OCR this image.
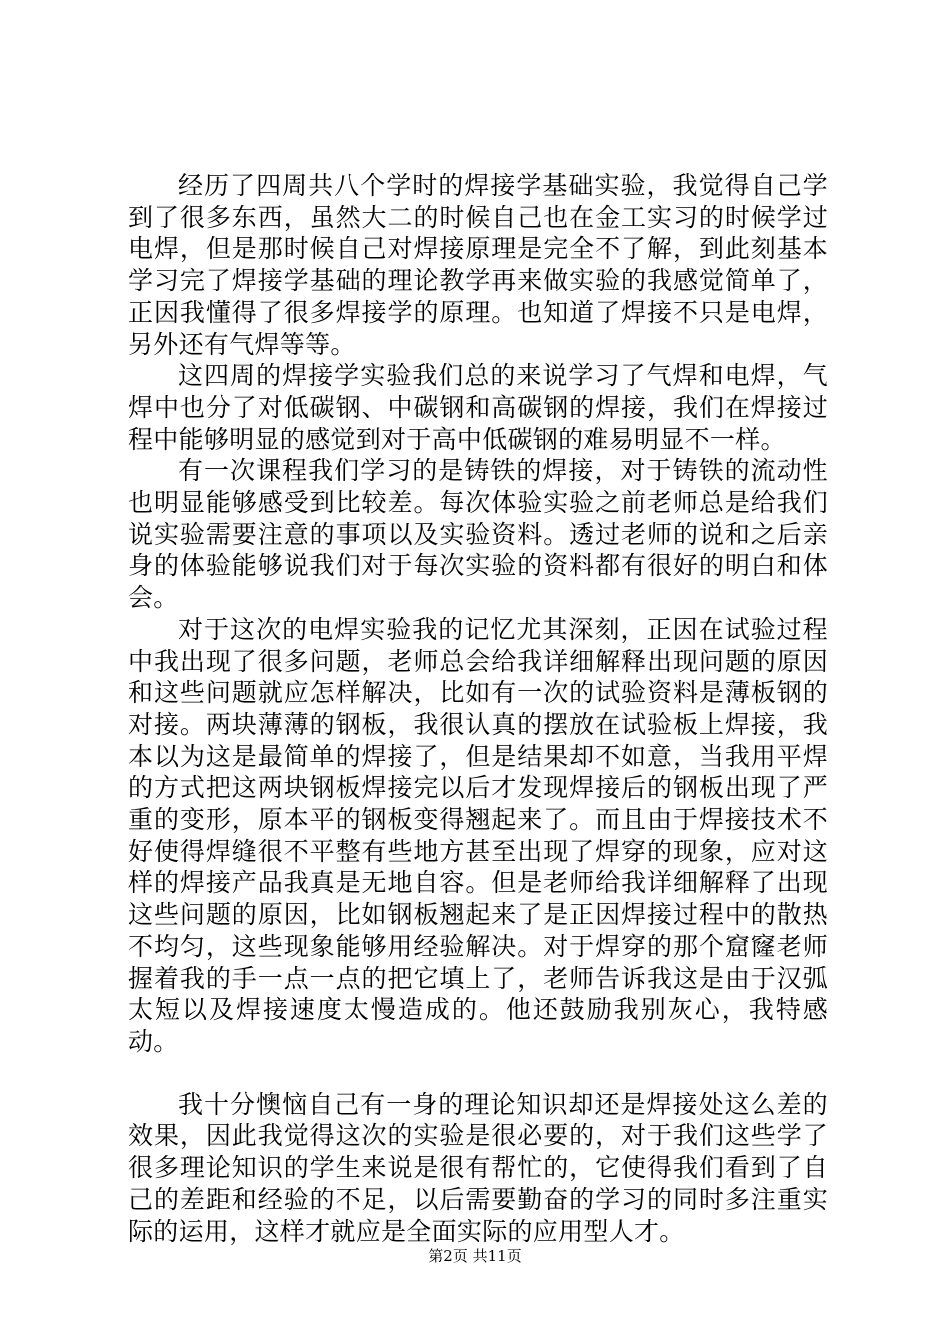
经历了四周共八个学时的焊接学基础实验，我觉得自己学到了很多东西，虽然大二的时候自己也在金工实习的时候学过电焊，但是那时候自己对焊接原理是完全不了解，到此刻基本学习完了焊接学基础的理论教学再来做实验的我感觉简单了，正因我懂得了很多焊接学的原理。也知道了焊接不只是电焊，另外还有气焊等等。

这四周的焊接学实验我们总的来说学习了气焊和电焊，气焊中也分了对低碳钢、中碳钢和高碳钢的焊接，我们在焊接过程中能够明显的感觉到对于高中低碳钢的难易明显不一样。

有一次课程我们学习的是铸铁的焊接，对于铸铁的流动性也明显能够感受到比较差。每次体验实验之前老师总是给我们说实验需要注意的事项以及实验资料。透过老师的说和之后亲身的体验能够说我们对于每次实验的资料都有很好的明白和体会。

对于这次的电焊实验我的记忆尤其深刻，正因在试验过程中我出现了很多问题，老师总会给我详细解释出现问题的原因和这些问题就应怎样解决，比如有一次的试验资料是薄板钢的对接。两块薄薄的钢板，我很认真的摆放在试验板上焊接，我本以为这是最简单的焊接了，但是结果却不如意，当我用平焊的方式把这两块钢板焊接完以后才发现焊接后的钢板出现了严重的变形，原本平的钢板变得翘起来了。而且由于焊接技术不好使得焊缝很不平整有些地方甚至出现了焊穿的现象，应对这样的焊接产品我真是无地自容。但是老师给我详细解释了出现这些问题的原因，比如钢板翘起来了是正因焊接过程中的散热不均匀，这些现象能够用经验解决。对于焊穿的那个窟窿老师握着我的手一点一点的把它填上了，老师告诉我这是由于汉弧太短以及焊接速度太慢造成的。他还鼓励我别灰心，我特感动。

我十分懊恼自己有一身的理论知识却还是焊接处这么差的效果，因此我觉得这次的实验是很必要的，对于我们这些学了很多理论知识的学生来说是很有帮忙的，它使得我们看到了自己的差距和经验的不足，以后需要勤奋的学习的同时多注重实际的运用，这样才就应是全面实际的应用型人才。

第2页 共11页
